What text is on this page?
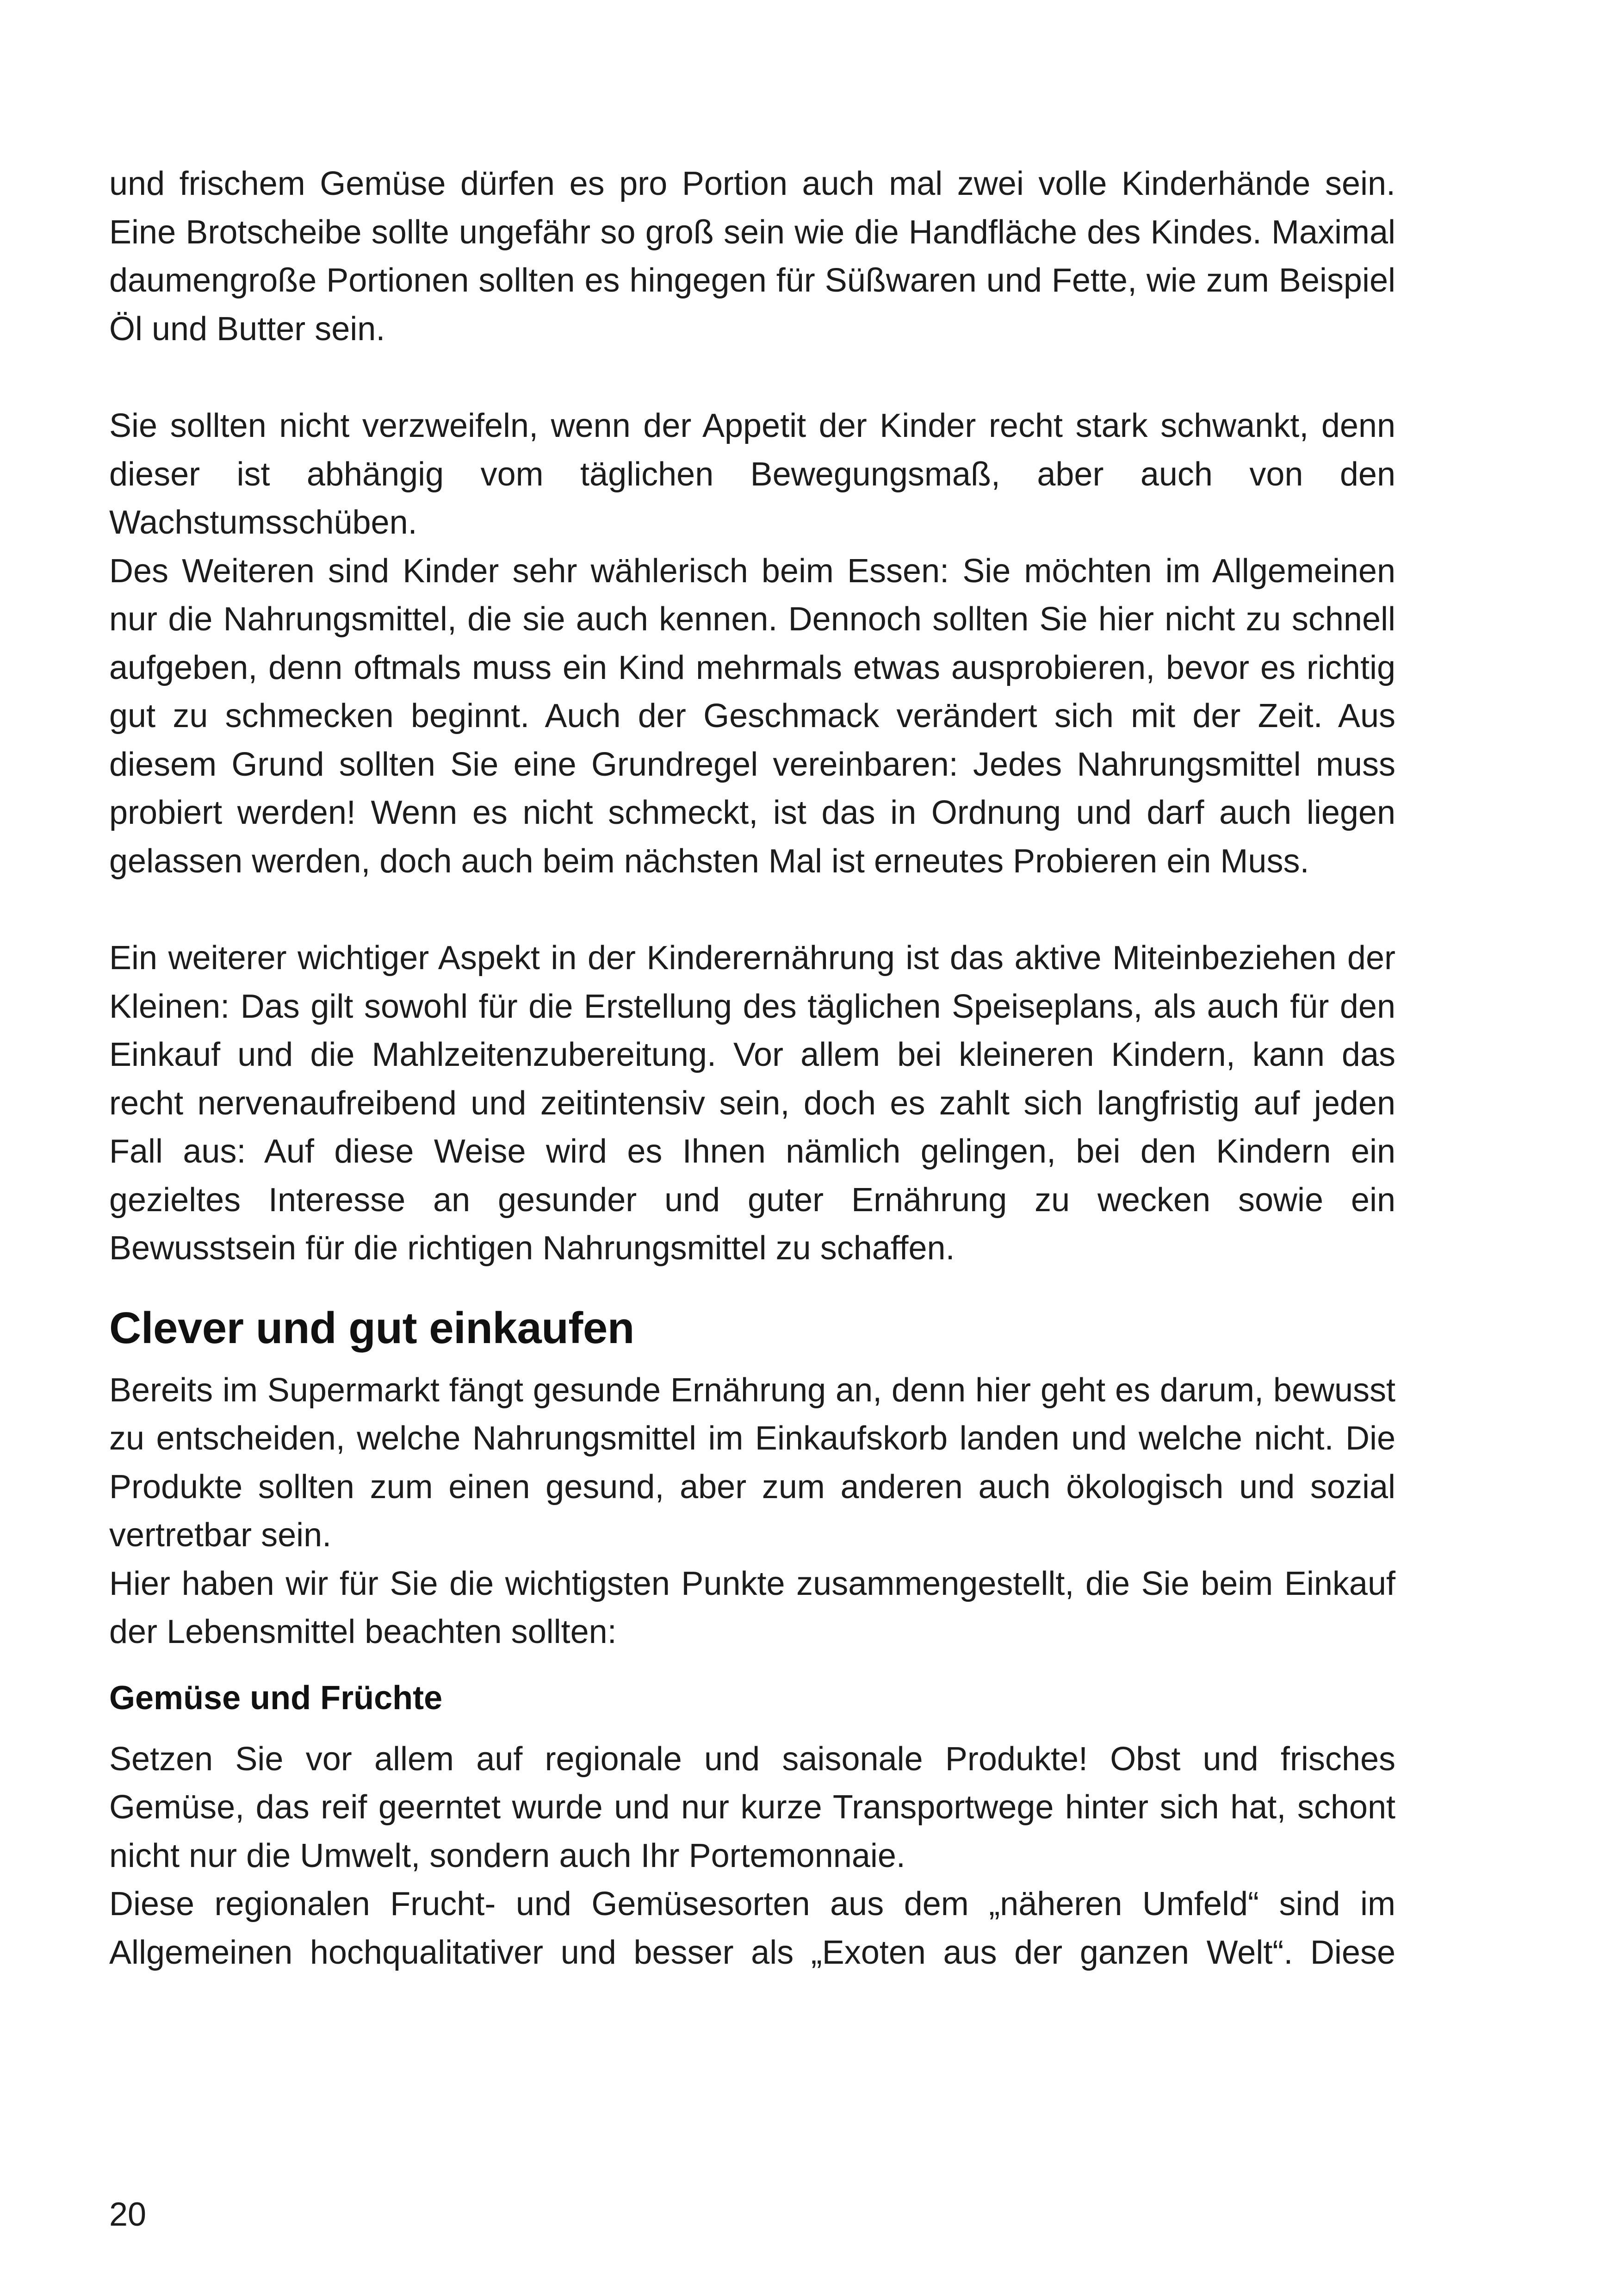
und frischem Gemüse dürfen es pro Portion auch mal zwei volle Kinderhände sein. Eine Brotscheibe sollte ungefähr so groß sein wie die Handfläche des Kindes. Maximal daumengroße Portionen sollten es hingegen für Süßwaren und Fette, wie zum Beispiel Öl und Butter sein.

Sie sollten nicht verzweifeln, wenn der Appetit der Kinder recht stark schwankt, denn dieser ist abhängig vom täglichen Bewegungsmaß, aber auch von den Wachstumsschüben.

Des Weiteren sind Kinder sehr wählerisch beim Essen: Sie möchten im Allgemeinen nur die Nahrungsmittel, die sie auch kennen. Dennoch sollten Sie hier nicht zu schnell aufgeben, denn oftmals muss ein Kind mehrmals etwas ausprobieren, bevor es richtig gut zu schmecken beginnt. Auch der Geschmack verändert sich mit der Zeit. Aus diesem Grund sollten Sie eine Grundregel vereinbaren: Jedes Nahrungsmittel muss probiert werden! Wenn es nicht schmeckt, ist das in Ordnung und darf auch liegen gelassen werden, doch auch beim nächsten Mal ist erneutes Probieren ein Muss.

Ein weiterer wichtiger Aspekt in der Kinderernährung ist das aktive Miteinbeziehen der Kleinen: Das gilt sowohl für die Erstellung des täglichen Speiseplans, als auch für den Einkauf und die Mahlzeitenzubereitung. Vor allem bei kleineren Kindern, kann das recht nervenaufreibend und zeitintensiv sein, doch es zahlt sich langfristig auf jeden Fall aus: Auf diese Weise wird es Ihnen nämlich gelingen, bei den Kindern ein gezieltes Interesse an gesunder und guter Ernährung zu wecken sowie ein Bewusstsein für die richtigen Nahrungsmittel zu schaffen.

Clever und gut einkaufen

Bereits im Supermarkt fängt gesunde Ernährung an, denn hier geht es darum, bewusst zu entscheiden, welche Nahrungsmittel im Einkaufskorb landen und welche nicht. Die Produkte sollten zum einen gesund, aber zum anderen auch ökologisch und sozial vertretbar sein.

Hier haben wir für Sie die wichtigsten Punkte zusammengestellt, die Sie beim Einkauf der Lebensmittel beachten sollten:

Gemüse und Früchte

Setzen Sie vor allem auf regionale und saisonale Produkte! Obst und frisches Gemüse, das reif geerntet wurde und nur kurze Transportwege hinter sich hat, schont nicht nur die Umwelt, sondern auch Ihr Portemonnaie.

Diese regionalen Frucht- und Gemüsesorten aus dem „näheren Umfeld“ sind im Allgemeinen hochqualitativer und besser als „Exoten aus der ganzen Welt“. Diese

20
